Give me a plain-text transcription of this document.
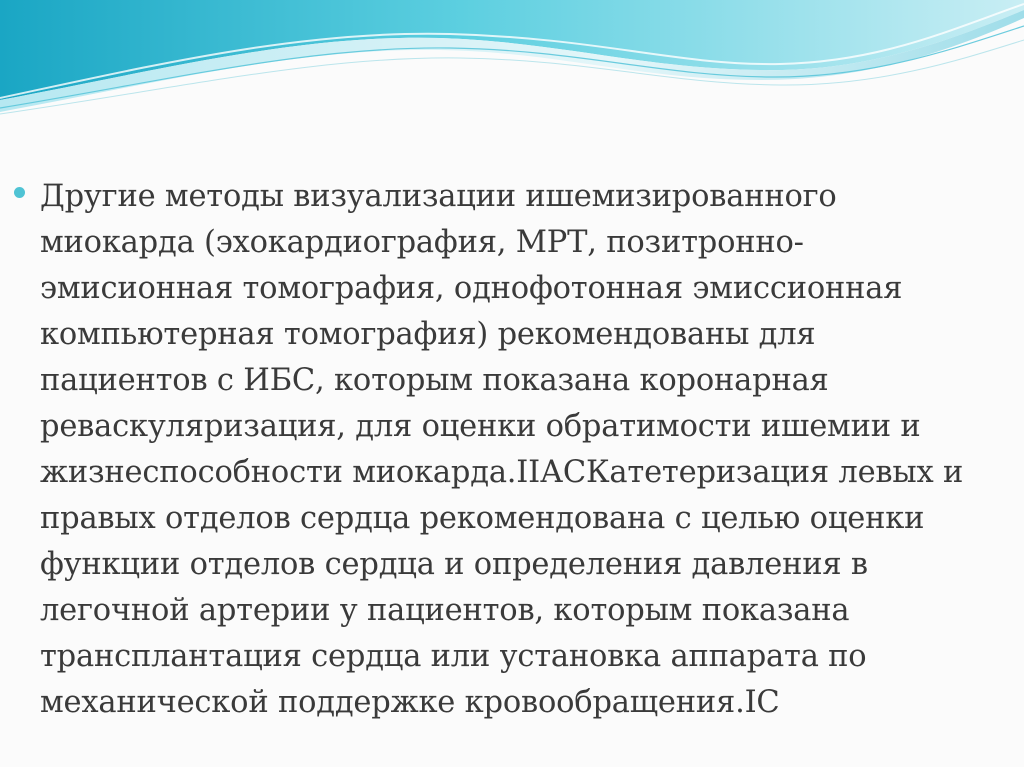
Другие методы визуализации ишемизированного
миокарда (эхокардиография, МРТ, позитронно-
эмисионная томография, однофотонная эмиссионная
компьютерная томография) рекомендованы для
пациентов с ИБС, которым показана коронарная
реваскуляризация, для оценки обратимости ишемии и
жизнеспособности миокарда.IIАСКатетеризация левых и
правых отделов сердца рекомендована с целью оценки
функции отделов сердца и определения давления в
легочной артерии у пациентов, которым показана
трансплантация сердца или установка аппарата по
механической поддержке кровообращения.IC
